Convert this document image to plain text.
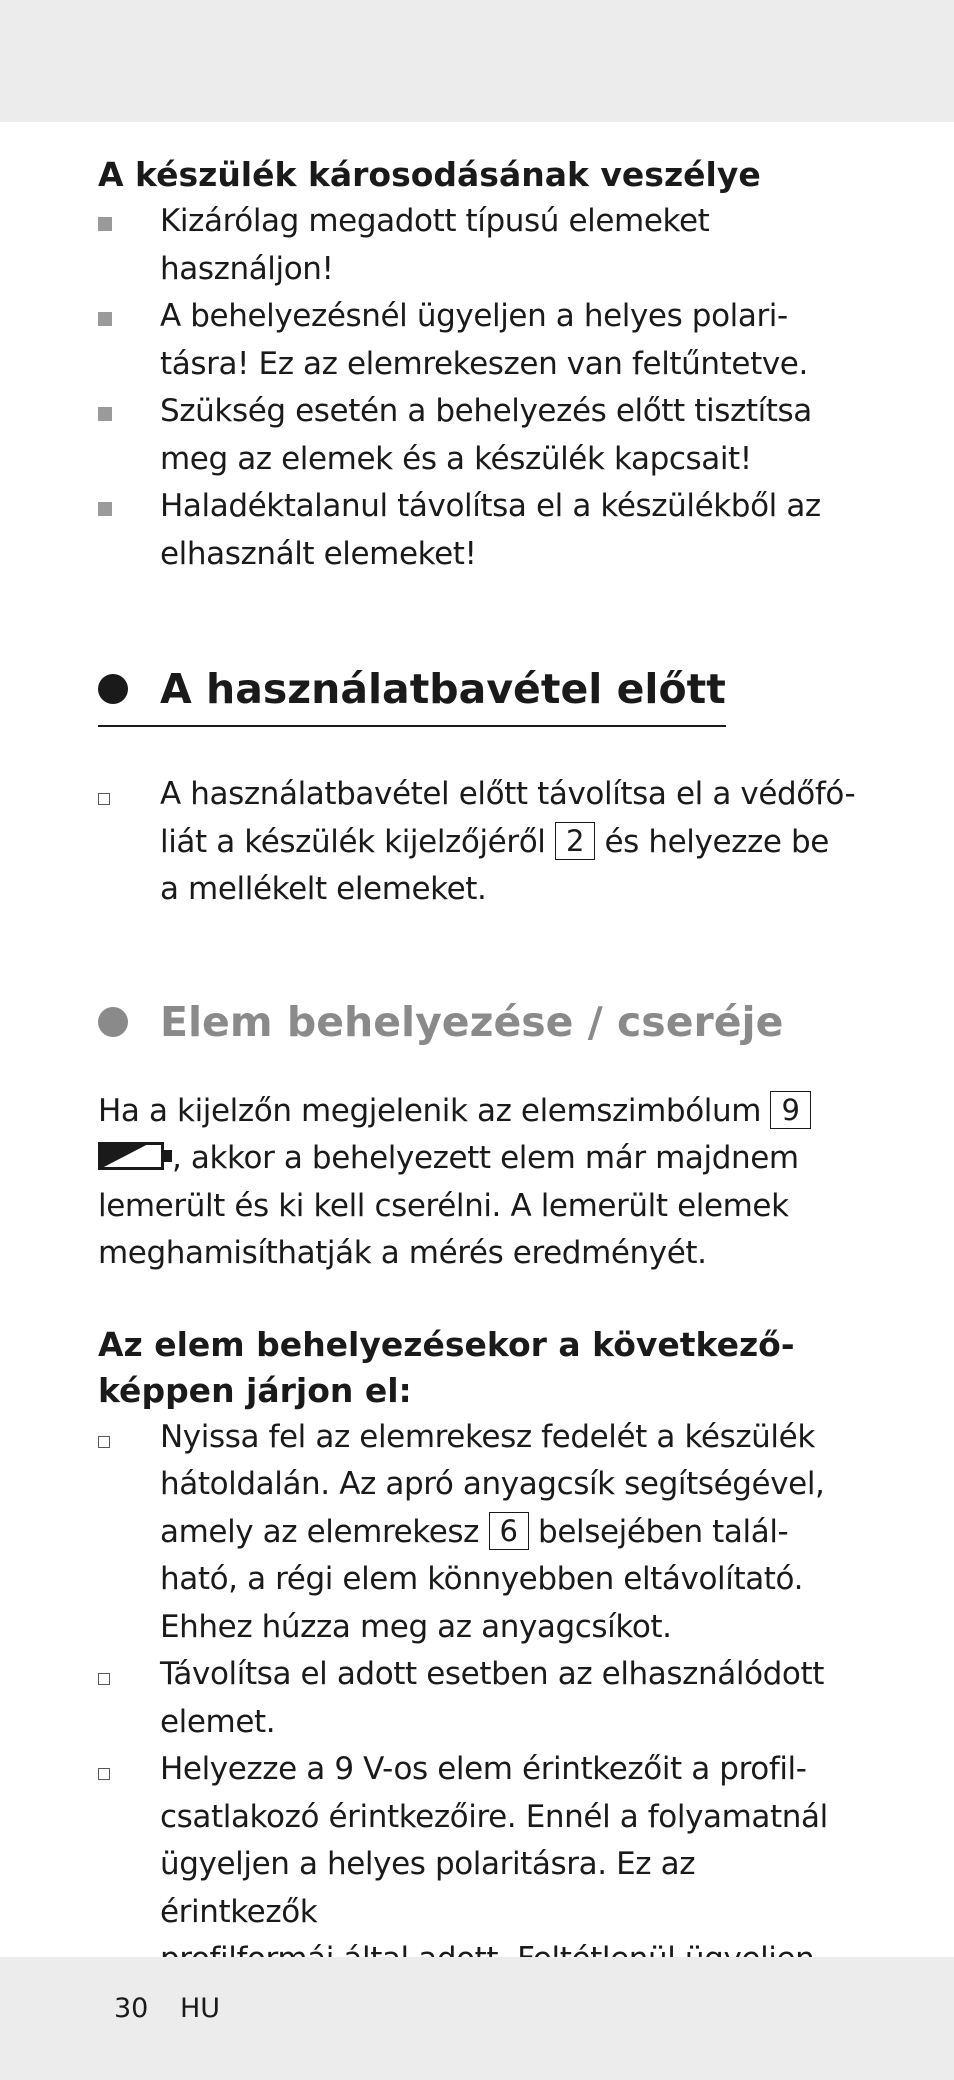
A készülék károsodásának veszélye

Kizárólag megadott típusú elemeket használjon!
A behelyezésnél ügyeljen a helyes polari-
tásra! Ez az elemrekeszen van feltűntetve.
Szükség esetén a behelyezés előtt tisztítsa
meg az elemek és a készülék kapcsait!
Haladéktalanul távolítsa el a készülékből az
elhasznált elemeket!
A használatbavétel előtt
A használatbavétel előtt távolítsa el a védőfó-
liát a készülék kijelzőjéről 2 és helyezze be
a mellékelt elemeket.
Elem behelyezése / cseréje

Ha a kijelzőn megjelenik az elemszimbólum 9

, akkor a behelyezett elem már majdnem
lemerült és ki kell cserélni. A lemerült elemek
meghamisíthatják a mérés eredményét.

Az elem behelyezésekor a következő-
képpen járjon el:

Nyissa fel az elemrekesz fedelét a készülék
hátoldalán. Az apró anyagcsík segítségével,
amely az elemrekesz 6 belsejében talál-
ható, a régi elem könnyebben eltávolítató.
Ehhez húzza meg az anyagcsíkot.
Távolítsa el adott esetben az elhasználódott
elemet.
Helyezze a 9 V-os elem érintkezőit a profil-
csatlakozó érintkezőire. Ennél a folyamatnál
ügyeljen a helyes polaritásra. Ez az érintkezők

30 HU
